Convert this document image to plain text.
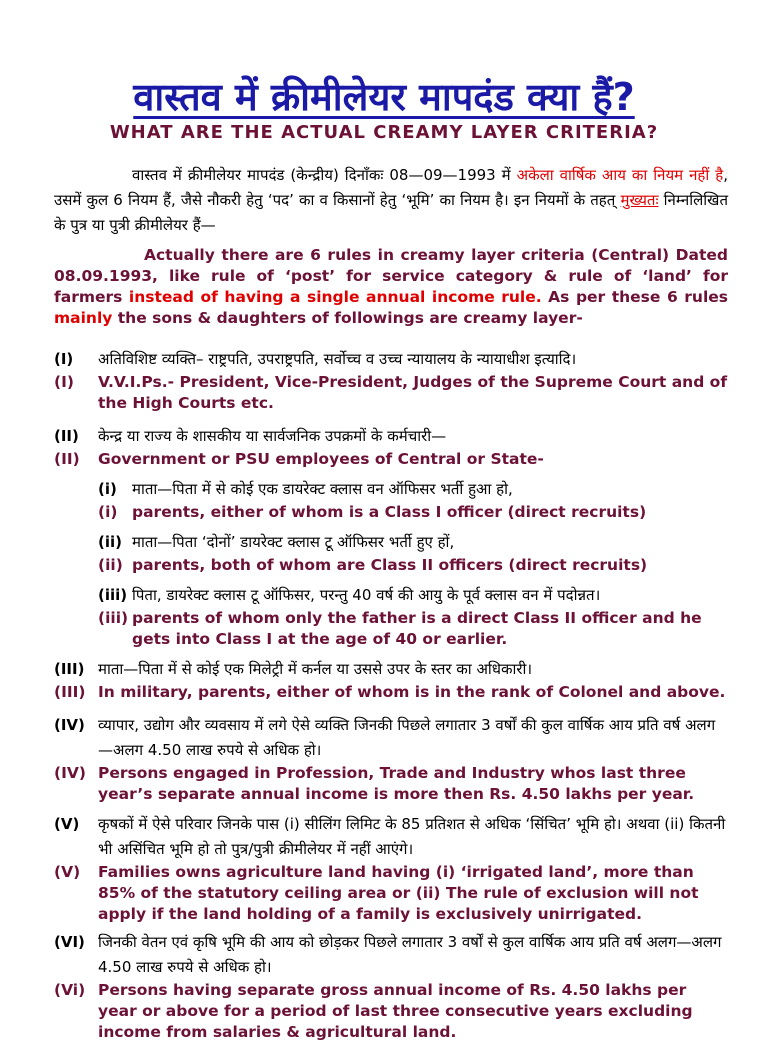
वास्तव में क्रीमीलेयर मापदंड क्या हैं?
WHAT ARE THE ACTUAL CREAMY LAYER CRITERIA?
वास्तव में क्रीमीलेयर मापदंड (केन्द्रीय) दिनॉंकः 08—09—1993 में अकेला वार्षिक आय का नियम नहीं है, उसमें कुल 6 नियम हैं, जैसे नौकरी हेतु ‘पद’ का व किसानों हेतु ‘भूमि’ का नियम है। इन नियमों के तहत् मुख्यतः निम्नलिखित के पुत्र या पुत्री क्रीमीलेयर हैं—
Actually there are 6 rules in creamy layer criteria (Central) Dated 08.09.1993, like rule of ‘post’ for service category & rule of ‘land’ for farmers instead of having a single annual income rule. As per these 6 rules mainly the sons & daughters of followings are creamy layer-
(I)	अतिविशिष्ट व्यक्ति– राष्ट्रपति, उपराष्ट्रपति, सर्वोच्च व उच्च न्यायालय के न्यायाधीश इत्यादि।
(I)	V.V.I.Ps.- President, Vice-President, Judges of the Supreme Court and of the High Courts etc.
(II)	केन्द्र या राज्य के शासकीय या सार्वजनिक उपक्रमों के कर्मचारी—
(II)	Government or PSU employees of Central or State-
(i)	माता—पिता में से कोई एक डायरेक्ट क्लास वन ऑफिसर भर्ती हुआ हो,
(i) parents, either of whom is a Class I officer (direct recruits)
(ii) माता—पिता ‘दोनों’ डायरेक्ट क्लास टू ऑफिसर भर्ती हुए हों,
(ii) parents, both of whom are Class II officers (direct recruits)
(iii) पिता, डायरेक्ट क्लास टू ऑफिसर, परन्तु 40 वर्ष की आयु के पूर्व क्लास वन में पदोन्नत।
(iii) parents of whom only the father is a direct Class II officer and he gets into Class I at the age of 40 or earlier.
(III) माता—पिता में से कोई एक मिलेट्री में कर्नल या उससे उपर के स्तर का अधिकारी।
(III) In military, parents, either of whom is in the rank of Colonel and above.
(IV) व्यापार, उद्योग और व्यवसाय में लगे ऐसे व्यक्ति जिनकी पिछले लगातार 3 वर्षों की कुल वार्षिक आय प्रति वर्ष अलग—अलग 4.50 लाख रुपये से अधिक हो।
(IV) Persons engaged in Profession, Trade and Industry whos last three year’s separate annual income is more then Rs. 4.50 lakhs per year.
(V)	कृषकों में ऐसे परिवार जिनके पास (i) सीलिंग लिमिट के 85 प्रतिशत से अधिक ‘सिंचित’ भूमि हो। अथवा (ii) कितनी भी असिंचित भूमि हो तो पुत्र/पुत्री क्रीमीलेयर में नहीं आएंगे।
(V)	Families owns agriculture land having (i) ‘irrigated land’, more than 85% of the statutory ceiling area or (ii) The rule of exclusion will not apply if the land holding of a family is exclusively unirrigated.
(VI) जिनकी वेतन एवं कृषि भूमि की आय को छोड़कर पिछले लगातार 3 वर्षों से कुल वार्षिक आय प्रति वर्ष अलग—अलग 4.50 लाख रुपये से अधिक हो।
(Vi) Persons having separate gross annual income of Rs. 4.50 lakhs per year or above for a period of last three consecutive years excluding income from salaries & agricultural land.
